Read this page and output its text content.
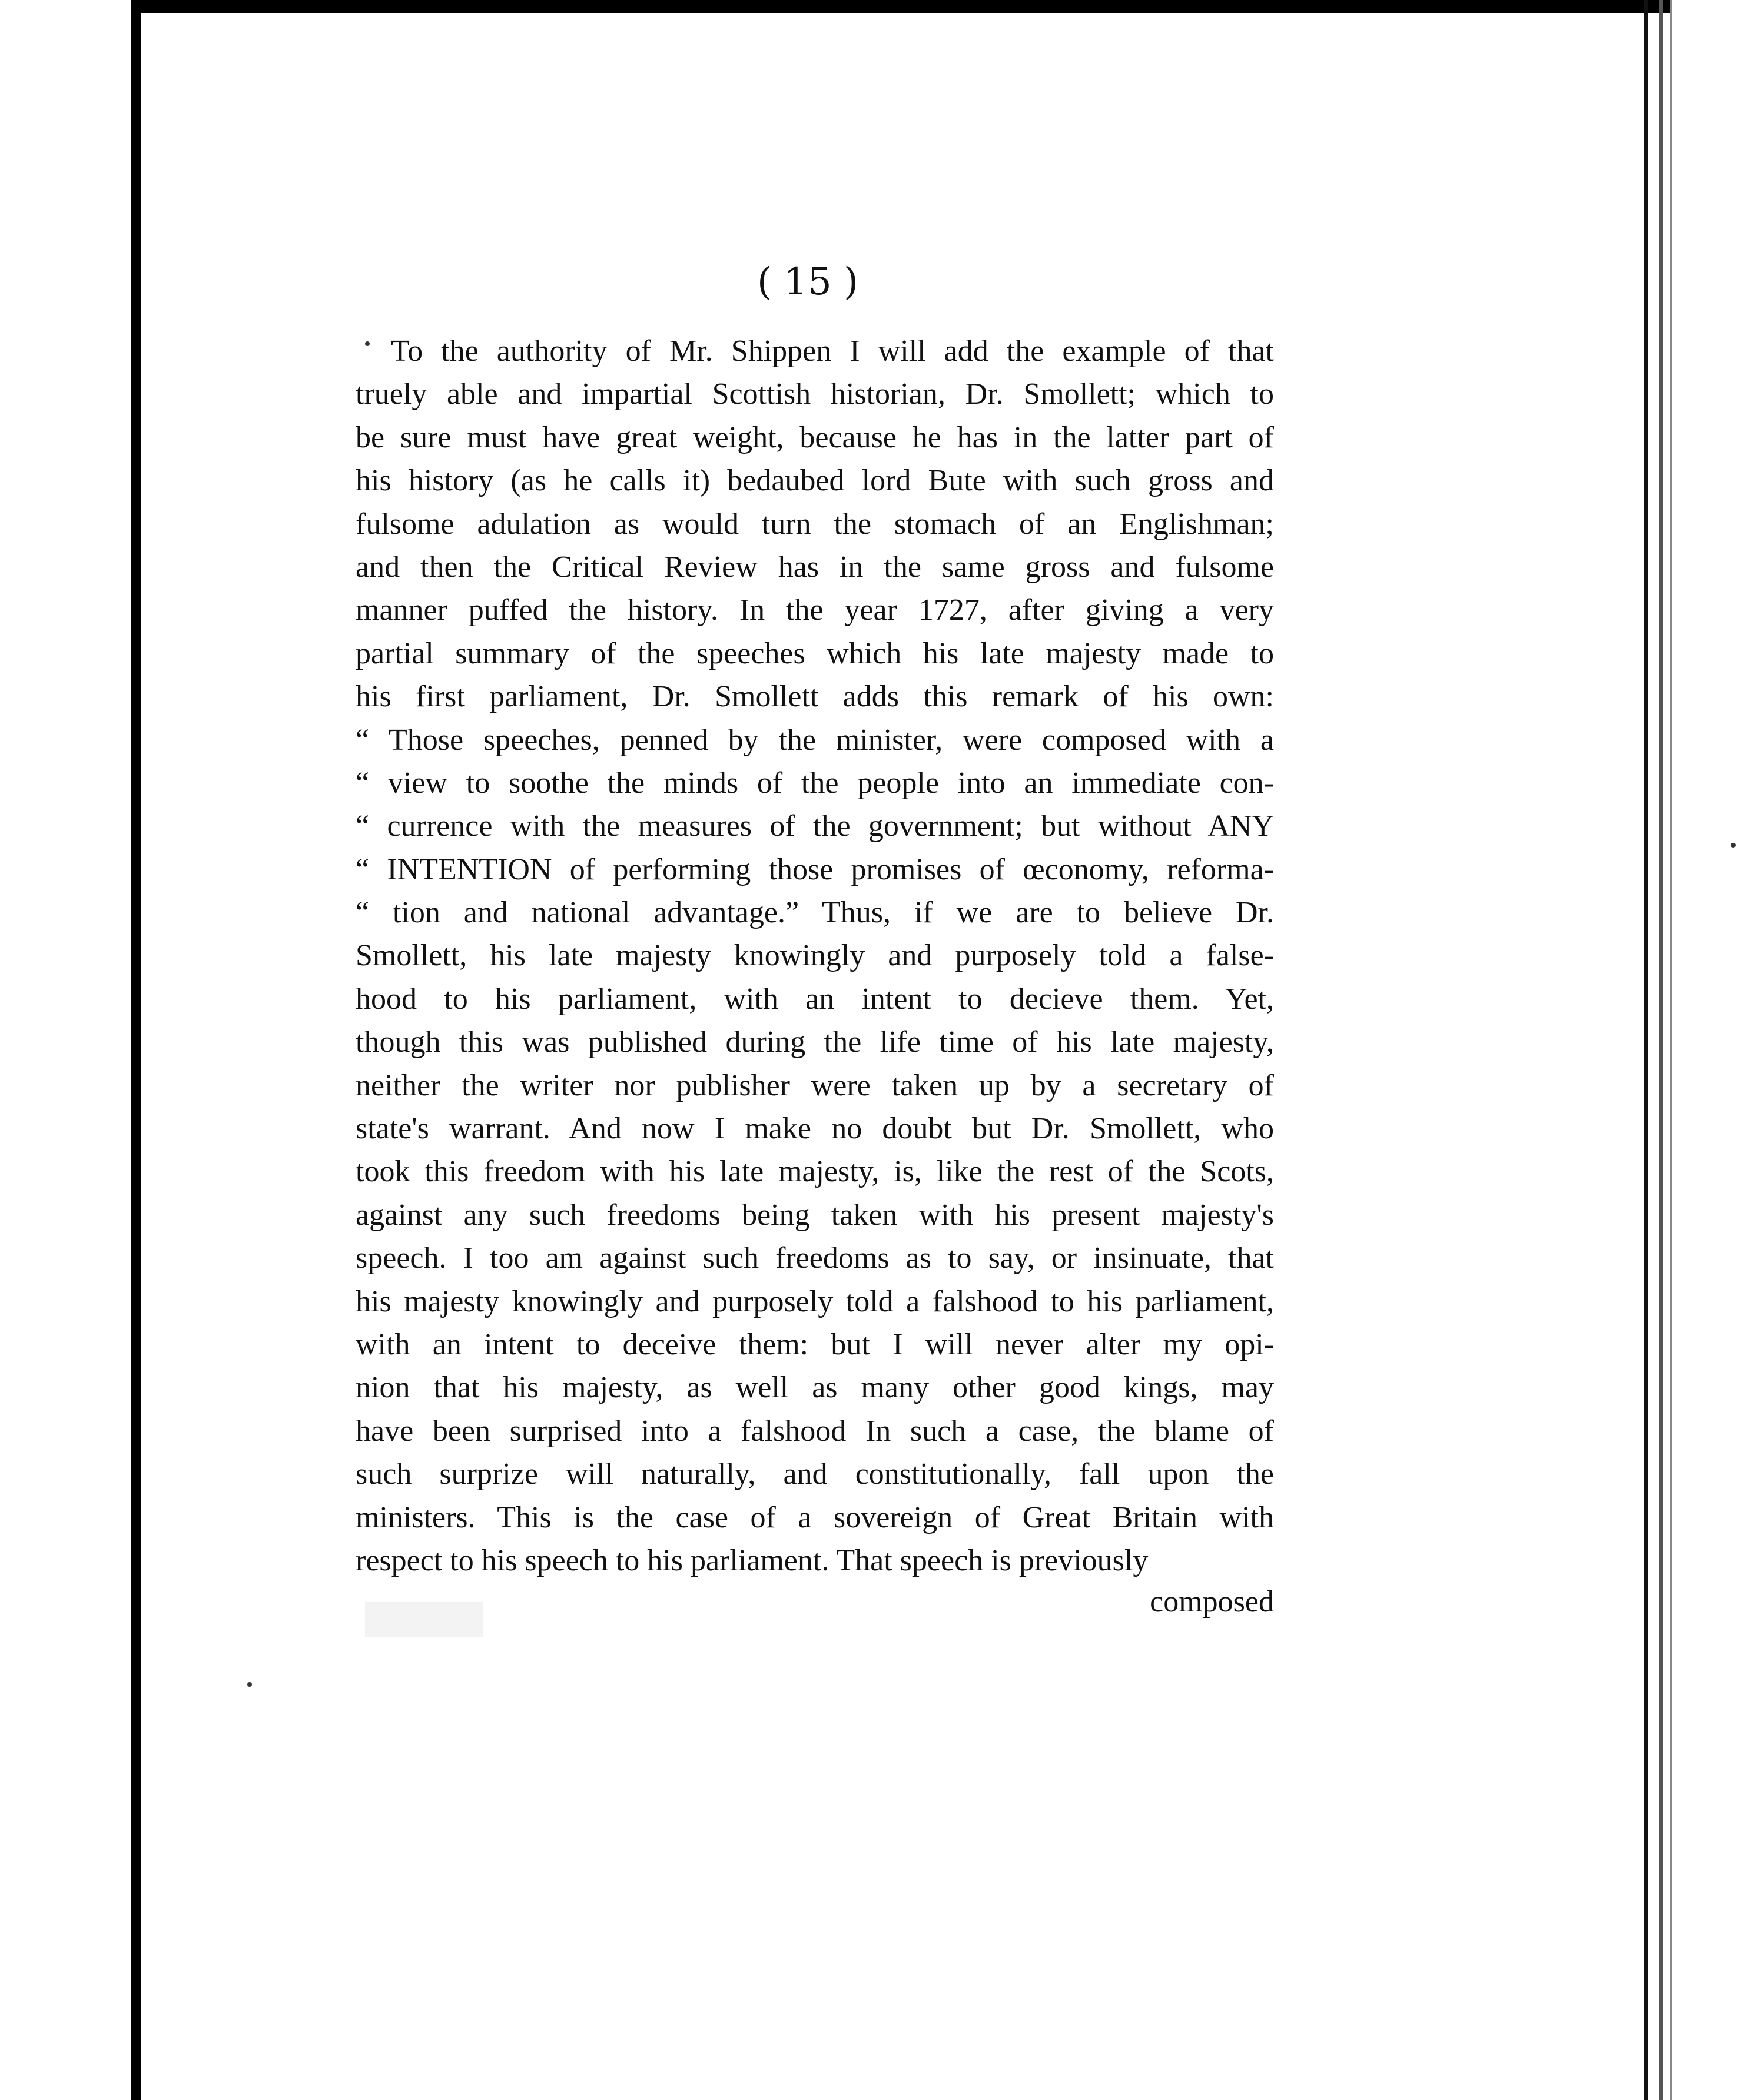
( 15 )
To the authority of Mr. Shippen I will add the example of that
truely able and impartial Scottish historian, Dr. Smollett; which to
be sure must have great weight, because he has in the latter part of
his history (as he calls it) bedaubed lord Bute with such gross and
fulsome adulation as would turn the stomach of an Englishman;
and then the Critical Review has in the same gross and fulsome
manner puffed the history. In the year 1727, after giving a very
partial summary of the speeches which his late majesty made to
his first parliament, Dr. Smollett adds this remark of his own:
“ Those speeches, penned by the minister, were composed with a
“ view to soothe the minds of the people into an immediate con-
“ currence with the measures of the government; but without ANY
“ INTENTION of performing those promises of œconomy, reforma-
“ tion and national advantage.” Thus, if we are to believe Dr.
Smollett, his late majesty knowingly and purposely told a false-
hood to his parliament, with an intent to decieve them. Yet,
though this was published during the life time of his late majesty,
neither the writer nor publisher were taken up by a secretary of
state's warrant. And now I make no doubt but Dr. Smollett, who
took this freedom with his late majesty, is, like the rest of the Scots,
against any such freedoms being taken with his present majesty's
speech. I too am against such freedoms as to say, or insinuate, that
his majesty knowingly and purposely told a falshood to his parliament,
with an intent to deceive them: but I will never alter my opi-
nion that his majesty, as well as many other good kings, may
have been surprised into a falshood In such a case, the blame of
such surprize will naturally, and constitutionally, fall upon the
ministers. This is the case of a sovereign of Great Britain with
respect to his speech to his parliament. That speech is previously
composed
